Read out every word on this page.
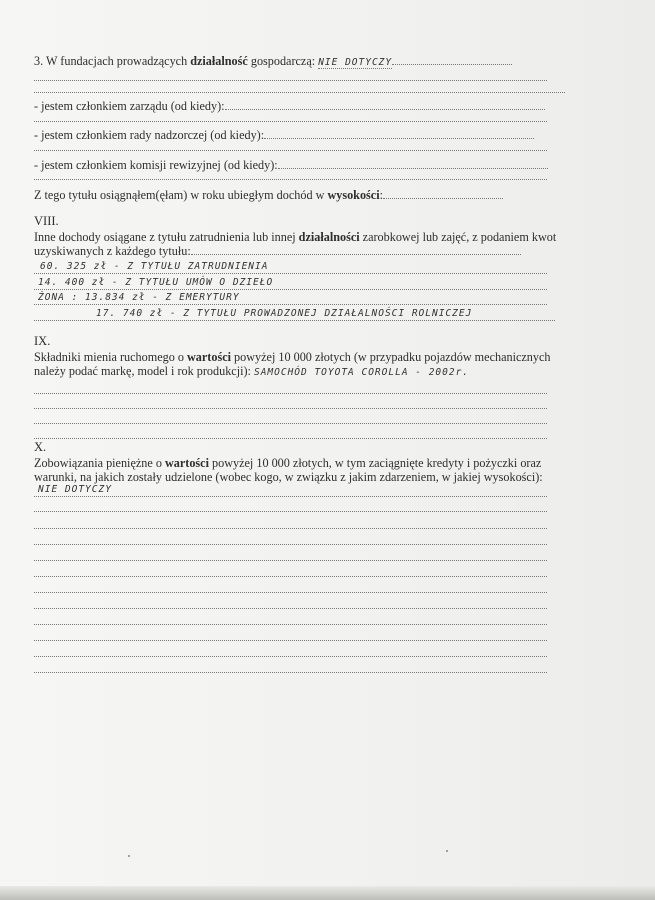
3. W fundacjach prowadzących działalność gospodarczą: NIE DOTYCZY
- jestem członkiem zarządu (od kiedy):
- jestem członkiem rady nadzorczej (od kiedy):
- jestem członkiem komisji rewizyjnej (od kiedy):
Z tego tytułu osiągnąłem(ęłam) w roku ubiegłym dochód w wysokości:
VIII.
Inne dochody osiągane z tytułu zatrudnienia lub innej działalności zarobkowej lub zajęć, z podaniem kwot
uzyskiwanych z każdego tytułu:
60. 325 zł - Z TYTUŁU ZATRUDNIENIA
14. 400 zł - Z TYTUŁU UMÓW O DZIEŁO
ŻONA : 13.834 zł - Z EMERYTURY
17. 740 zł - Z TYTUŁU PROWADZONEJ DZIAŁALNOŚCI ROLNICZEJ
IX.
Składniki mienia ruchomego o wartości powyżej 10 000 złotych (w przypadku pojazdów mechanicznych
należy podać markę, model i rok produkcji): SAMOCHÓD TOYOTA COROLLA - 2002r.
X.
Zobowiązania pieniężne o wartości powyżej 10 000 złotych, w tym zaciągnięte kredyty i pożyczki oraz
warunki, na jakich zostały udzielone (wobec kogo, w związku z jakim zdarzeniem, w jakiej wysokości):
NIE DOTYCZY
